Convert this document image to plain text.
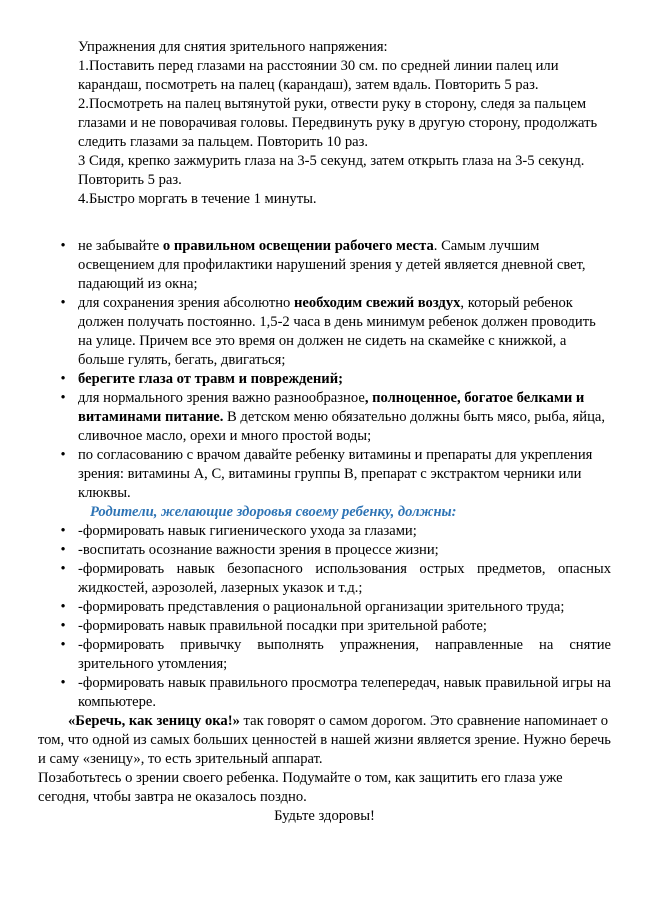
Упражнения для снятия зрительного напряжения:

1.Поставить перед глазами на расстоянии 30 см. по средней линии палец или карандаш, посмотреть на палец (карандаш), затем вдаль. Повторить 5 раз.

2.Посмотреть на палец вытянутой руки, отвести руку в сторону, следя за пальцем глазами и не поворачивая головы. Передвинуть руку в другую сторону, продолжать следить глазами за пальцем. Повторить 10 раз.

3 Сидя, крепко зажмурить глаза на 3-5 секунд, затем открыть глаза на 3-5 секунд. Повторить 5 раз.

4.Быстро моргать в течение 1 минуты.

• не забывайте о правильном освещении рабочего места. Самым лучшим освещением для профилактики нарушений зрения у детей является дневной свет, падающий из окна;
• для сохранения зрения абсолютно необходим свежий воздух, который ребенок должен получать постоянно. 1,5-2 часа в день минимум ребенок должен проводить на улице. Причем все это время он должен не сидеть на скамейке с книжкой, а больше гулять, бегать, двигаться;
• берегите глаза от травм и повреждений;
• для нормального зрения важно разнообразное, полноценное, богатое белками и витаминами питание. В детском меню обязательно должны быть мясо, рыба, яйца, сливочное масло, орехи и много простой воды;
• по согласованию с врачом давайте ребенку витамины и препараты для укрепления зрения: витамины А, С, витамины группы В, препарат с экстрактом черники или клюквы.
Родители, желающие здоровья своему ребенку, должны:
• -формировать навык гигиенического ухода за глазами;
• -воспитать осознание важности зрения в процессе жизни;
• -формировать навык безопасного использования острых предметов, опасных жидкостей, аэрозолей, лазерных указок и т.д.;
• -формировать представления о рациональной организации зрительного труда;
• -формировать навык правильной посадки при зрительной работе;
• -формировать привычку выполнять упражнения, направленные на снятие зрительного утомления;
• -формировать навык правильного просмотра телепередач, навык правильной игры на компьютере.

«Беречь, как зеницу ока!» так говорят о самом дорогом. Это сравнение напоминает о том, что одной из самых больших ценностей в нашей жизни является зрение. Нужно беречь и саму «зеницу», то есть зрительный аппарат.

Позаботьтесь о зрении своего ребенка. Подумайте о том, как защитить его глаза уже сегодня, чтобы завтра не оказалось поздно.

Будьте здоровы!
